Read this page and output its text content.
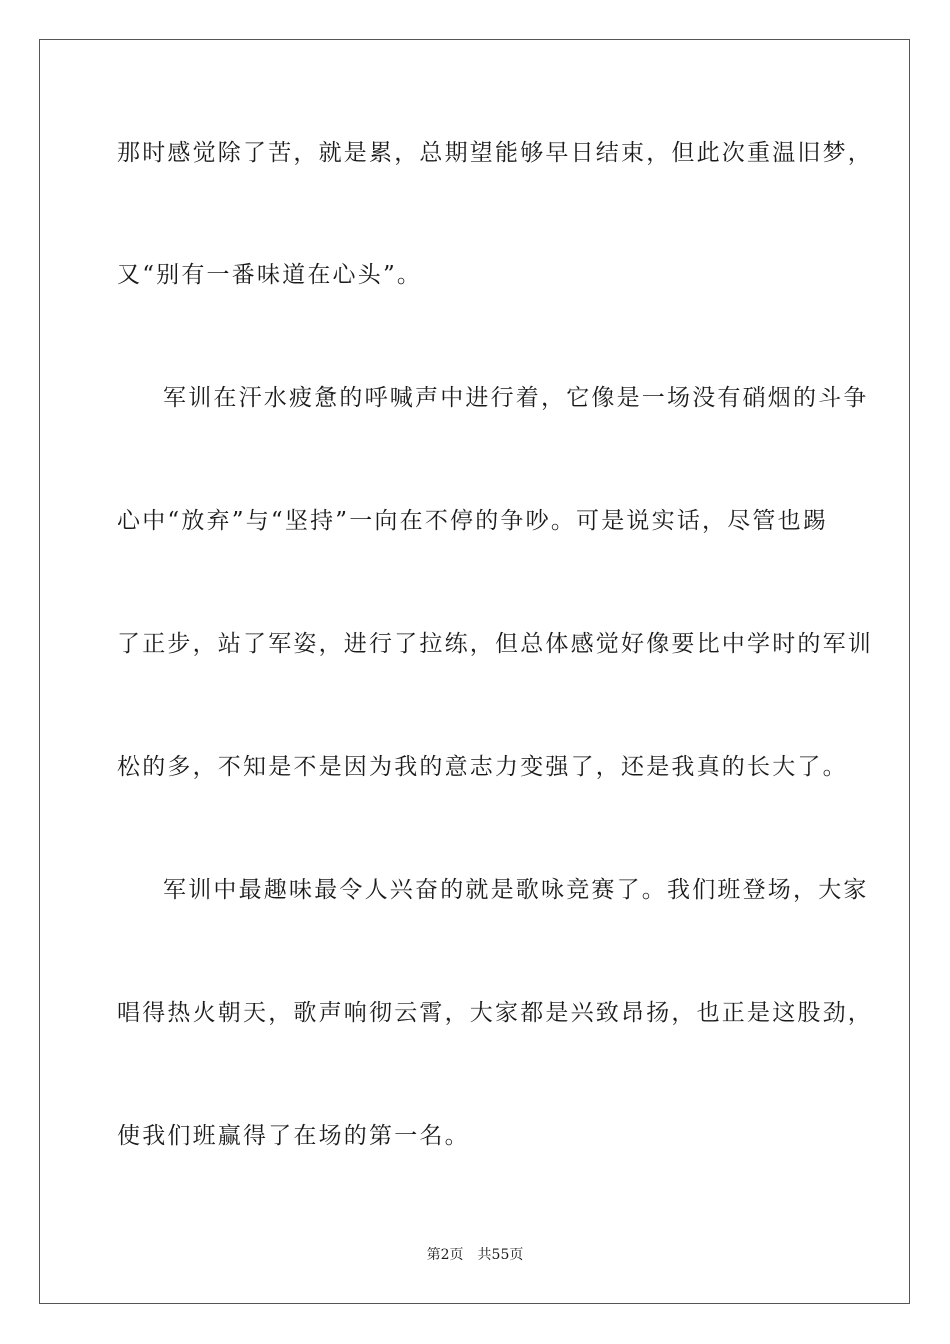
那时感觉除了苦，就是累，总期望能够早日结束，但此次重温旧梦，
又“别有一番味道在心头”。
军训在汗水疲惫的呼喊声中进行着，它像是一场没有硝烟的斗争
心中“放弃”与“坚持”一向在不停的争吵。可是说实话，尽管也踢
了正步，站了军姿，进行了拉练，但总体感觉好像要比中学时的军训
松的多，不知是不是因为我的意志力变强了，还是我真的长大了。
军训中最趣味最令人兴奋的就是歌咏竞赛了。我们班登场，大家
唱得热火朝天，歌声响彻云霄，大家都是兴致昂扬，也正是这股劲，
使我们班赢得了在场的第一名。
第2页 共55页
